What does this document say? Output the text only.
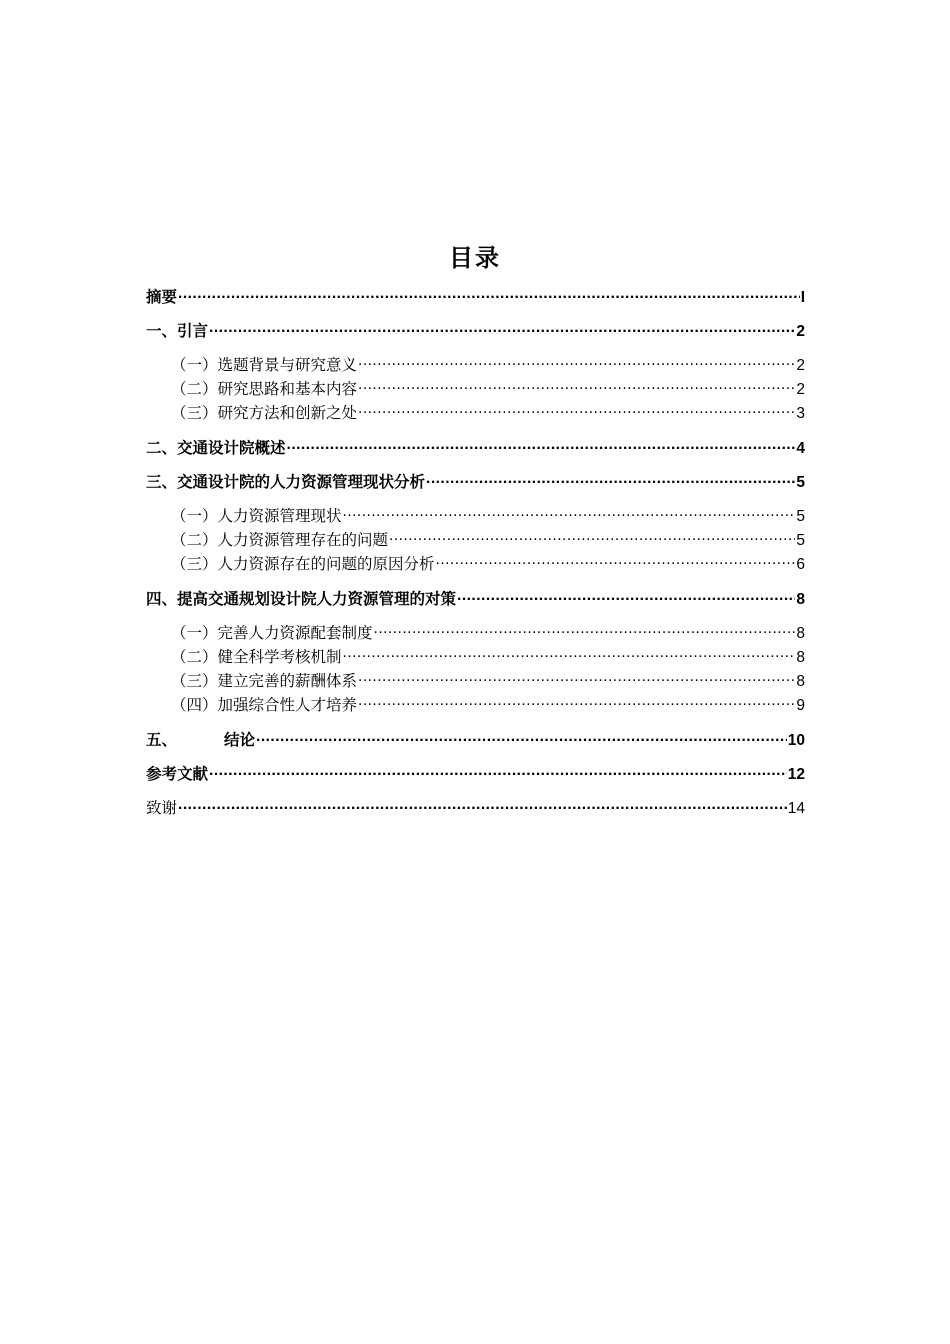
目录
摘要 .....	I
一、引言 .....	2
（一）选题背景与研究意义 .....	2
（二）研究思路和基本内容 .....	2
（三）研究方法和创新之处 .....	3
二、交通设计院概述 .....	4
三、交通设计院的人力资源管理现状分析 .....	5
（一）人力资源管理现状 .....	5
（二）人力资源管理存在的问题 .....	5
（三）人力资源存在的问题的原因分析 .....	6
四、提高交通规划设计院人力资源管理的对策 .....	8
（一）完善人力资源配套制度 .....	8
（二）健全科学考核机制 .....	8
（三）建立完善的薪酬体系 .....	8
（四）加强综合性人才培养 .....	9
五、	结论 .....	10
参考文献 .....	12
致谢 .....	14
